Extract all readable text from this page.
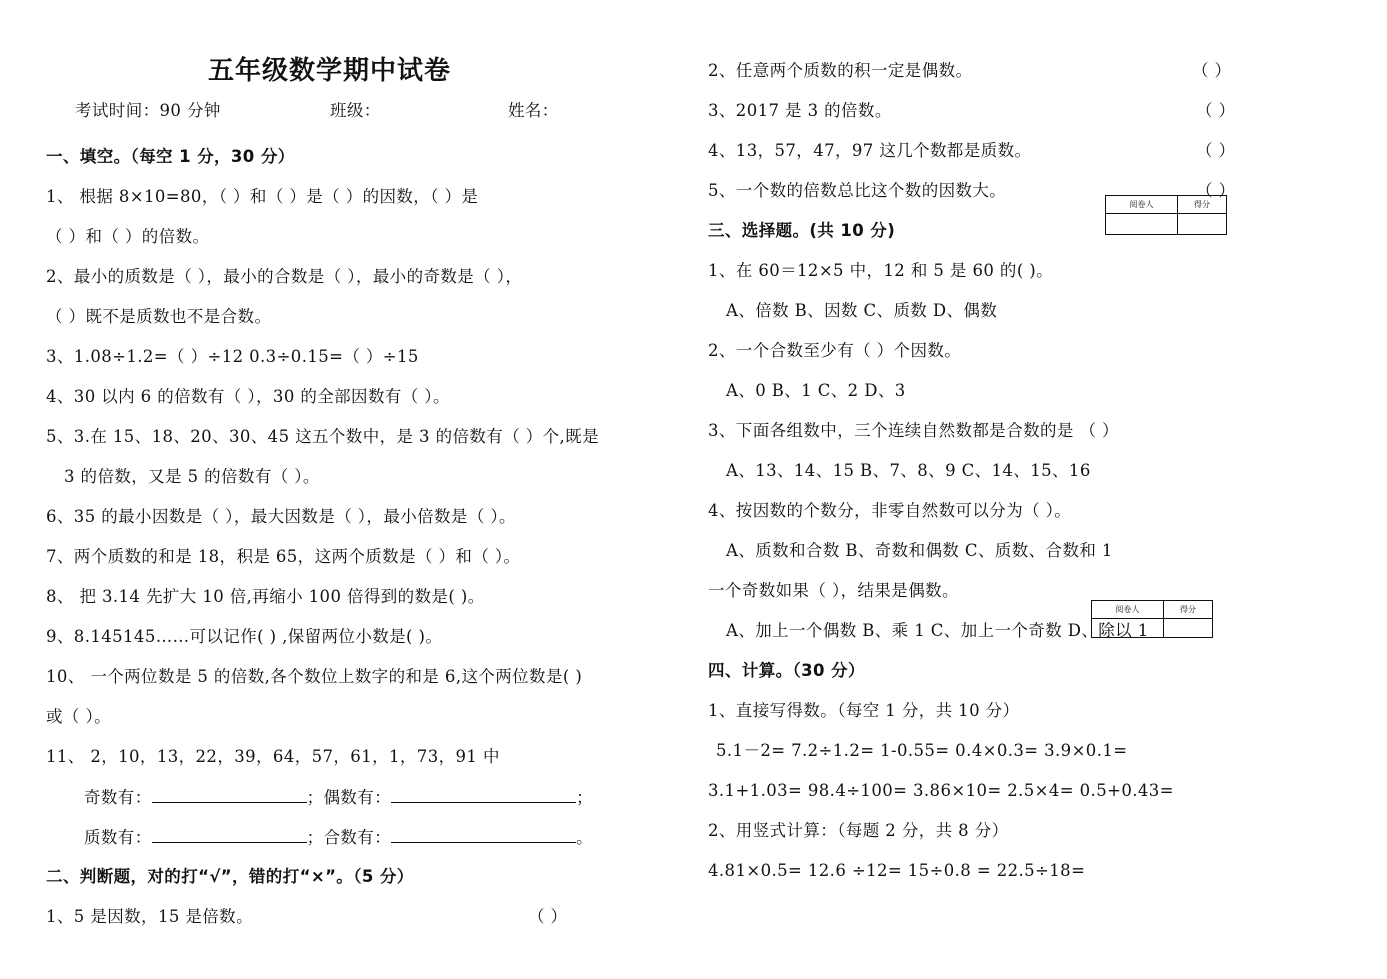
五年级数学期中试卷
考试时间：90 分钟	班级：	姓名：
一、填空。（每空 1 分，30 分）
1、 根据 8×10=80，（ ）和（ ）是（ ）的因数，（ ）是
（ ）和（ ）的倍数。
2、最小的质数是（ ），最小的合数是（ ），最小的奇数是（ ），
（ ）既不是质数也不是合数。
3、1.08÷1.2=（ ）÷12 0.3÷0.15=（ ）÷15
4、30 以内 6 的倍数有（ ），30 的全部因数有（ ）。
5、3.在 15、18、20、30、45 这五个数中，是 3 的倍数有（ ）个,既是
3 的倍数，又是 5 的倍数有（ ）。
6、35 的最小因数是（ ），最大因数是（ ），最小倍数是（ ）。
7、两个质数的和是 18，积是 65，这两个质数是（ ）和（ ）。
8、 把 3.14 先扩大 10 倍,再缩小 100 倍得到的数是( )。
9、8.145145……可以记作( ) ,保留两位小数是( )。
10、 一个两位数是 5 的倍数,各个数位上数字的和是 6,这个两位数是( )
或（ ）。
11、 2，10，13，22，39，64，57，61，1，73，91 中
奇数有：	；偶数有：	；
质数有：	；合数有：	。
二、判断题，对的打“√”，错的打“×”。（5 分）
1、5 是因数，15 是倍数。	（ ）
2、任意两个质数的积一定是偶数。	（ ）
3、2017 是 3 的倍数。	（ ）
4、13，57，47，97 这几个数都是质数。	（ ）
5、一个数的倍数总比这个数的因数大。	（ ）
阅卷人	得分

三、选择题。(共 10 分)
1、在 60＝12×5 中，12 和 5 是 60 的( )。
A、倍数 B、因数 C、质数 D、偶数
2、一个合数至少有（ ）个因数。
A、0 B、1 C、2 D、3
3、下面各组数中，三个连续自然数都是合数的是 （ ）
A、13、14、15 B、7、8、9 C、14、15、16
4、按因数的个数分，非零自然数可以分为（ ）。
A、质数和合数 B、奇数和偶数 C、质数、合数和 1
一个奇数如果（ ），结果是偶数。
A、加上一个偶数 B、乘 1 C、加上一个奇数 D、除以 1
阅卷人	得分

四、计算。（30 分）
1、直接写得数。（每空 1 分，共 10 分）
5.1－2= 7.2÷1.2= 1-0.55= 0.4×0.3= 3.9×0.1=
3.1+1.03= 98.4÷100= 3.86×10= 2.5×4= 0.5+0.43=
2、用竖式计算：（每题 2 分，共 8 分）
4.81×0.5= 12.6 ÷12= 15÷0.8 = 22.5÷18=
